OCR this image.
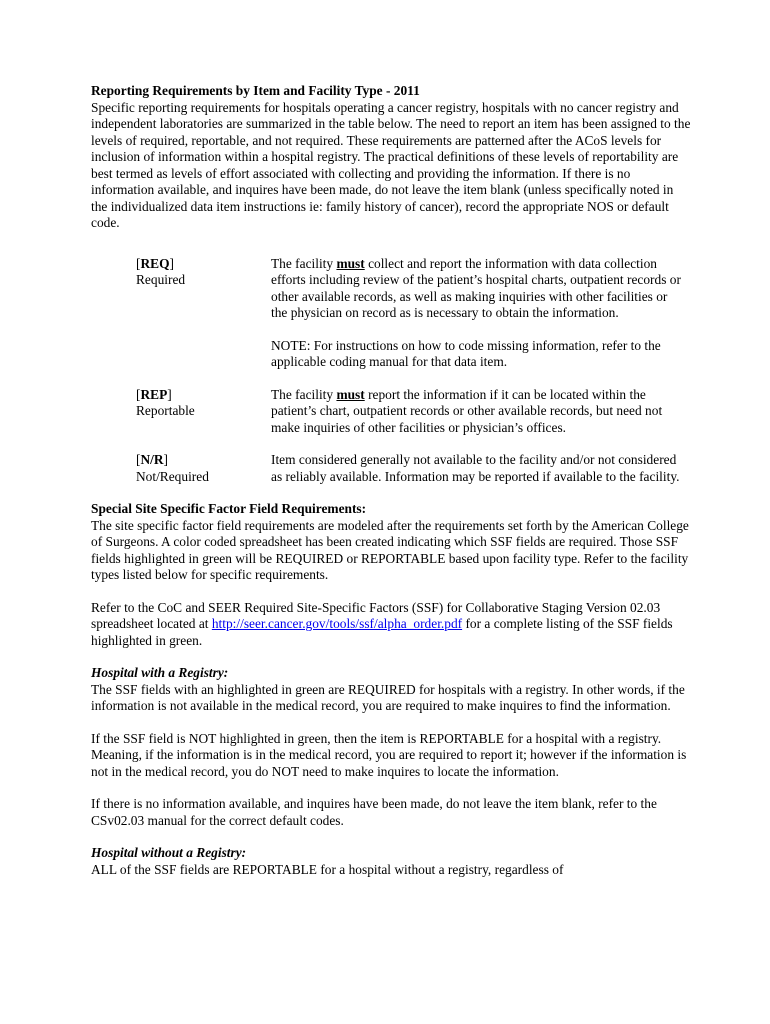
Reporting Requirements by Item and Facility Type - 2011

Specific reporting requirements for hospitals operating a cancer registry, hospitals with no cancer registry and independent laboratories are summarized in the table below. The need to report an item has been assigned to the levels of required, reportable, and not required. These requirements are patterned after the ACoS levels for inclusion of information within a hospital registry. The practical definitions of these levels of reportability are best termed as levels of effort associated with collecting and providing the information. If there is no information available, and inquires have been made, do not leave the item blank (unless specifically noted in the individualized data item instructions ie: family history of cancer), record the appropriate NOS or default code.

[REQ]
Required

The facility must collect and report the information with data collection efforts including review of the patient’s hospital charts, outpatient records or other available records, as well as making inquiries with other facilities or the physician on record as is necessary to obtain the information.

NOTE: For instructions on how to code missing information, refer to the applicable coding manual for that data item.

[REP]
Reportable

The facility must report the information if it can be located within the patient’s chart, outpatient records or other available records, but need not make inquiries of other facilities or physician’s offices.

[N/R]
Not/Required

Item considered generally not available to the facility and/or not considered as reliably available. Information may be reported if available to the facility.

Special Site Specific Factor Field Requirements:

The site specific factor field requirements are modeled after the requirements set forth by the American College of Surgeons. A color coded spreadsheet has been created indicating which SSF fields are required. Those SSF fields highlighted in green will be REQUIRED or REPORTABLE based upon facility type. Refer to the facility types listed below for specific requirements.

Refer to the CoC and SEER Required Site-Specific Factors (SSF) for Collaborative Staging Version 02.03 spreadsheet located at http://seer.cancer.gov/tools/ssf/alpha_order.pdf for a complete listing of the SSF fields highlighted in green.

Hospital with a Registry:

The SSF fields with an highlighted in green are REQUIRED for hospitals with a registry. In other words, if the information is not available in the medical record, you are required to make inquires to find the information.

If the SSF field is NOT highlighted in green, then the item is REPORTABLE for a hospital with a registry. Meaning, if the information is in the medical record, you are required to report it; however if the information is not in the medical record, you do NOT need to make inquires to locate the information.

If there is no information available, and inquires have been made, do not leave the item blank, refer to the CSv02.03 manual for the correct default codes.

Hospital without a Registry:

ALL of the SSF fields are REPORTABLE for a hospital without a registry, regardless of
